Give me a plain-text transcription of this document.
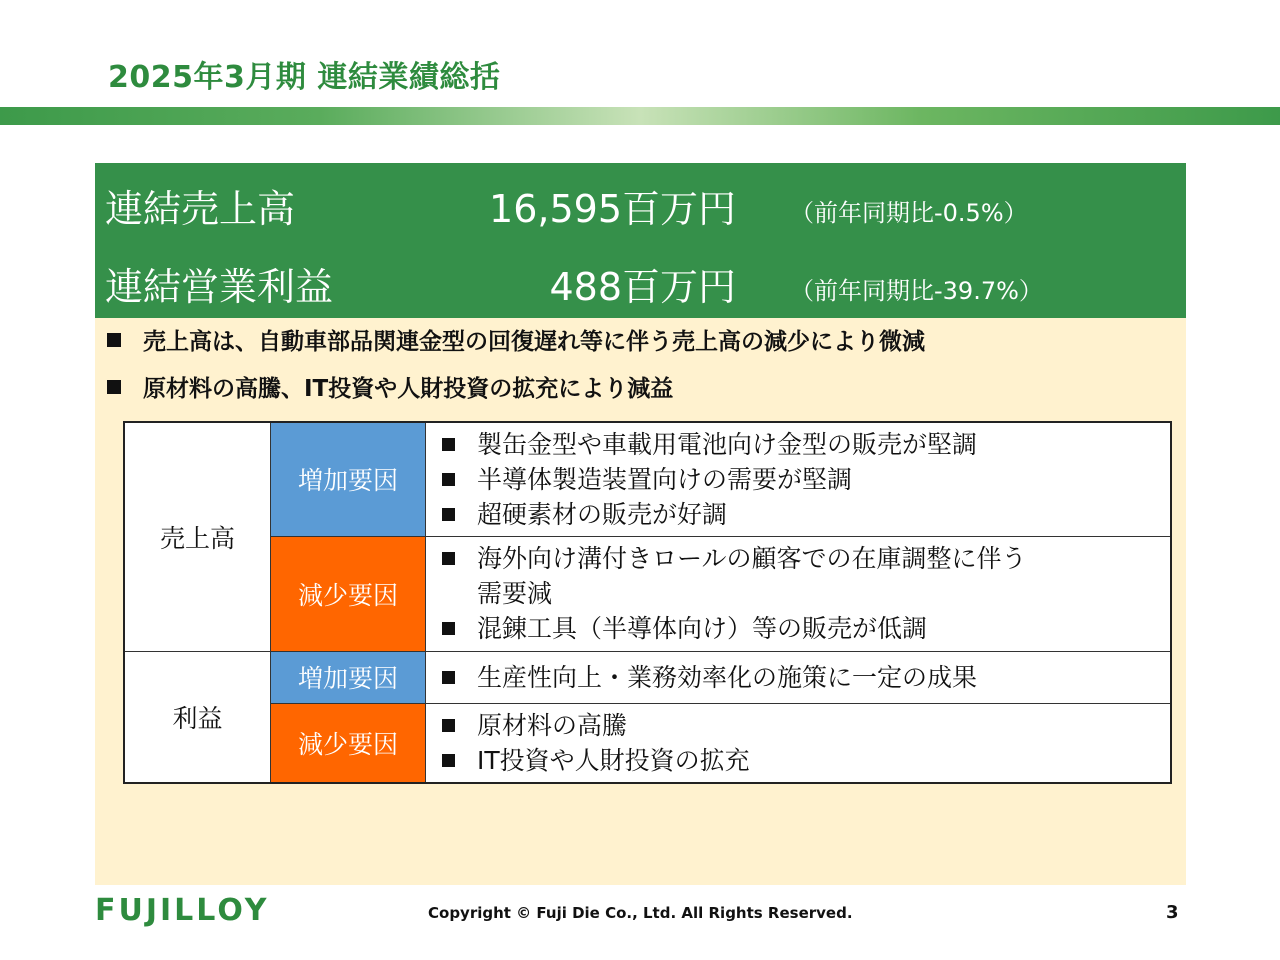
2025年3月期 連結業績総括
連結売上高	16,595百万円 （前年同期比-0.5%）
連結営業利益	488百万円 （前年同期比-39.7%）
売上高は、自動車部品関連金型の回復遅れ等に伴う売上高の減少により微減
原材料の高騰、IT投資や人財投資の拡充により減益
売上高	増加要因	製缶金型や車載用電池向け金型の販売が堅調
半導体製造装置向けの需要が堅調
超硬素材の販売が好調

	減少要因	海外向け溝付きロールの顧客での在庫調整に伴う
需要減
混錬工具（半導体向け）等の販売が低調

利益	増加要因	生産性向上・業務効率化の施策に一定の成果

	減少要因	原材料の高騰
IT投資や人財投資の拡充
FUJILLOY	Copyright © Fuji Die Co., Ltd. All Rights Reserved.	3
